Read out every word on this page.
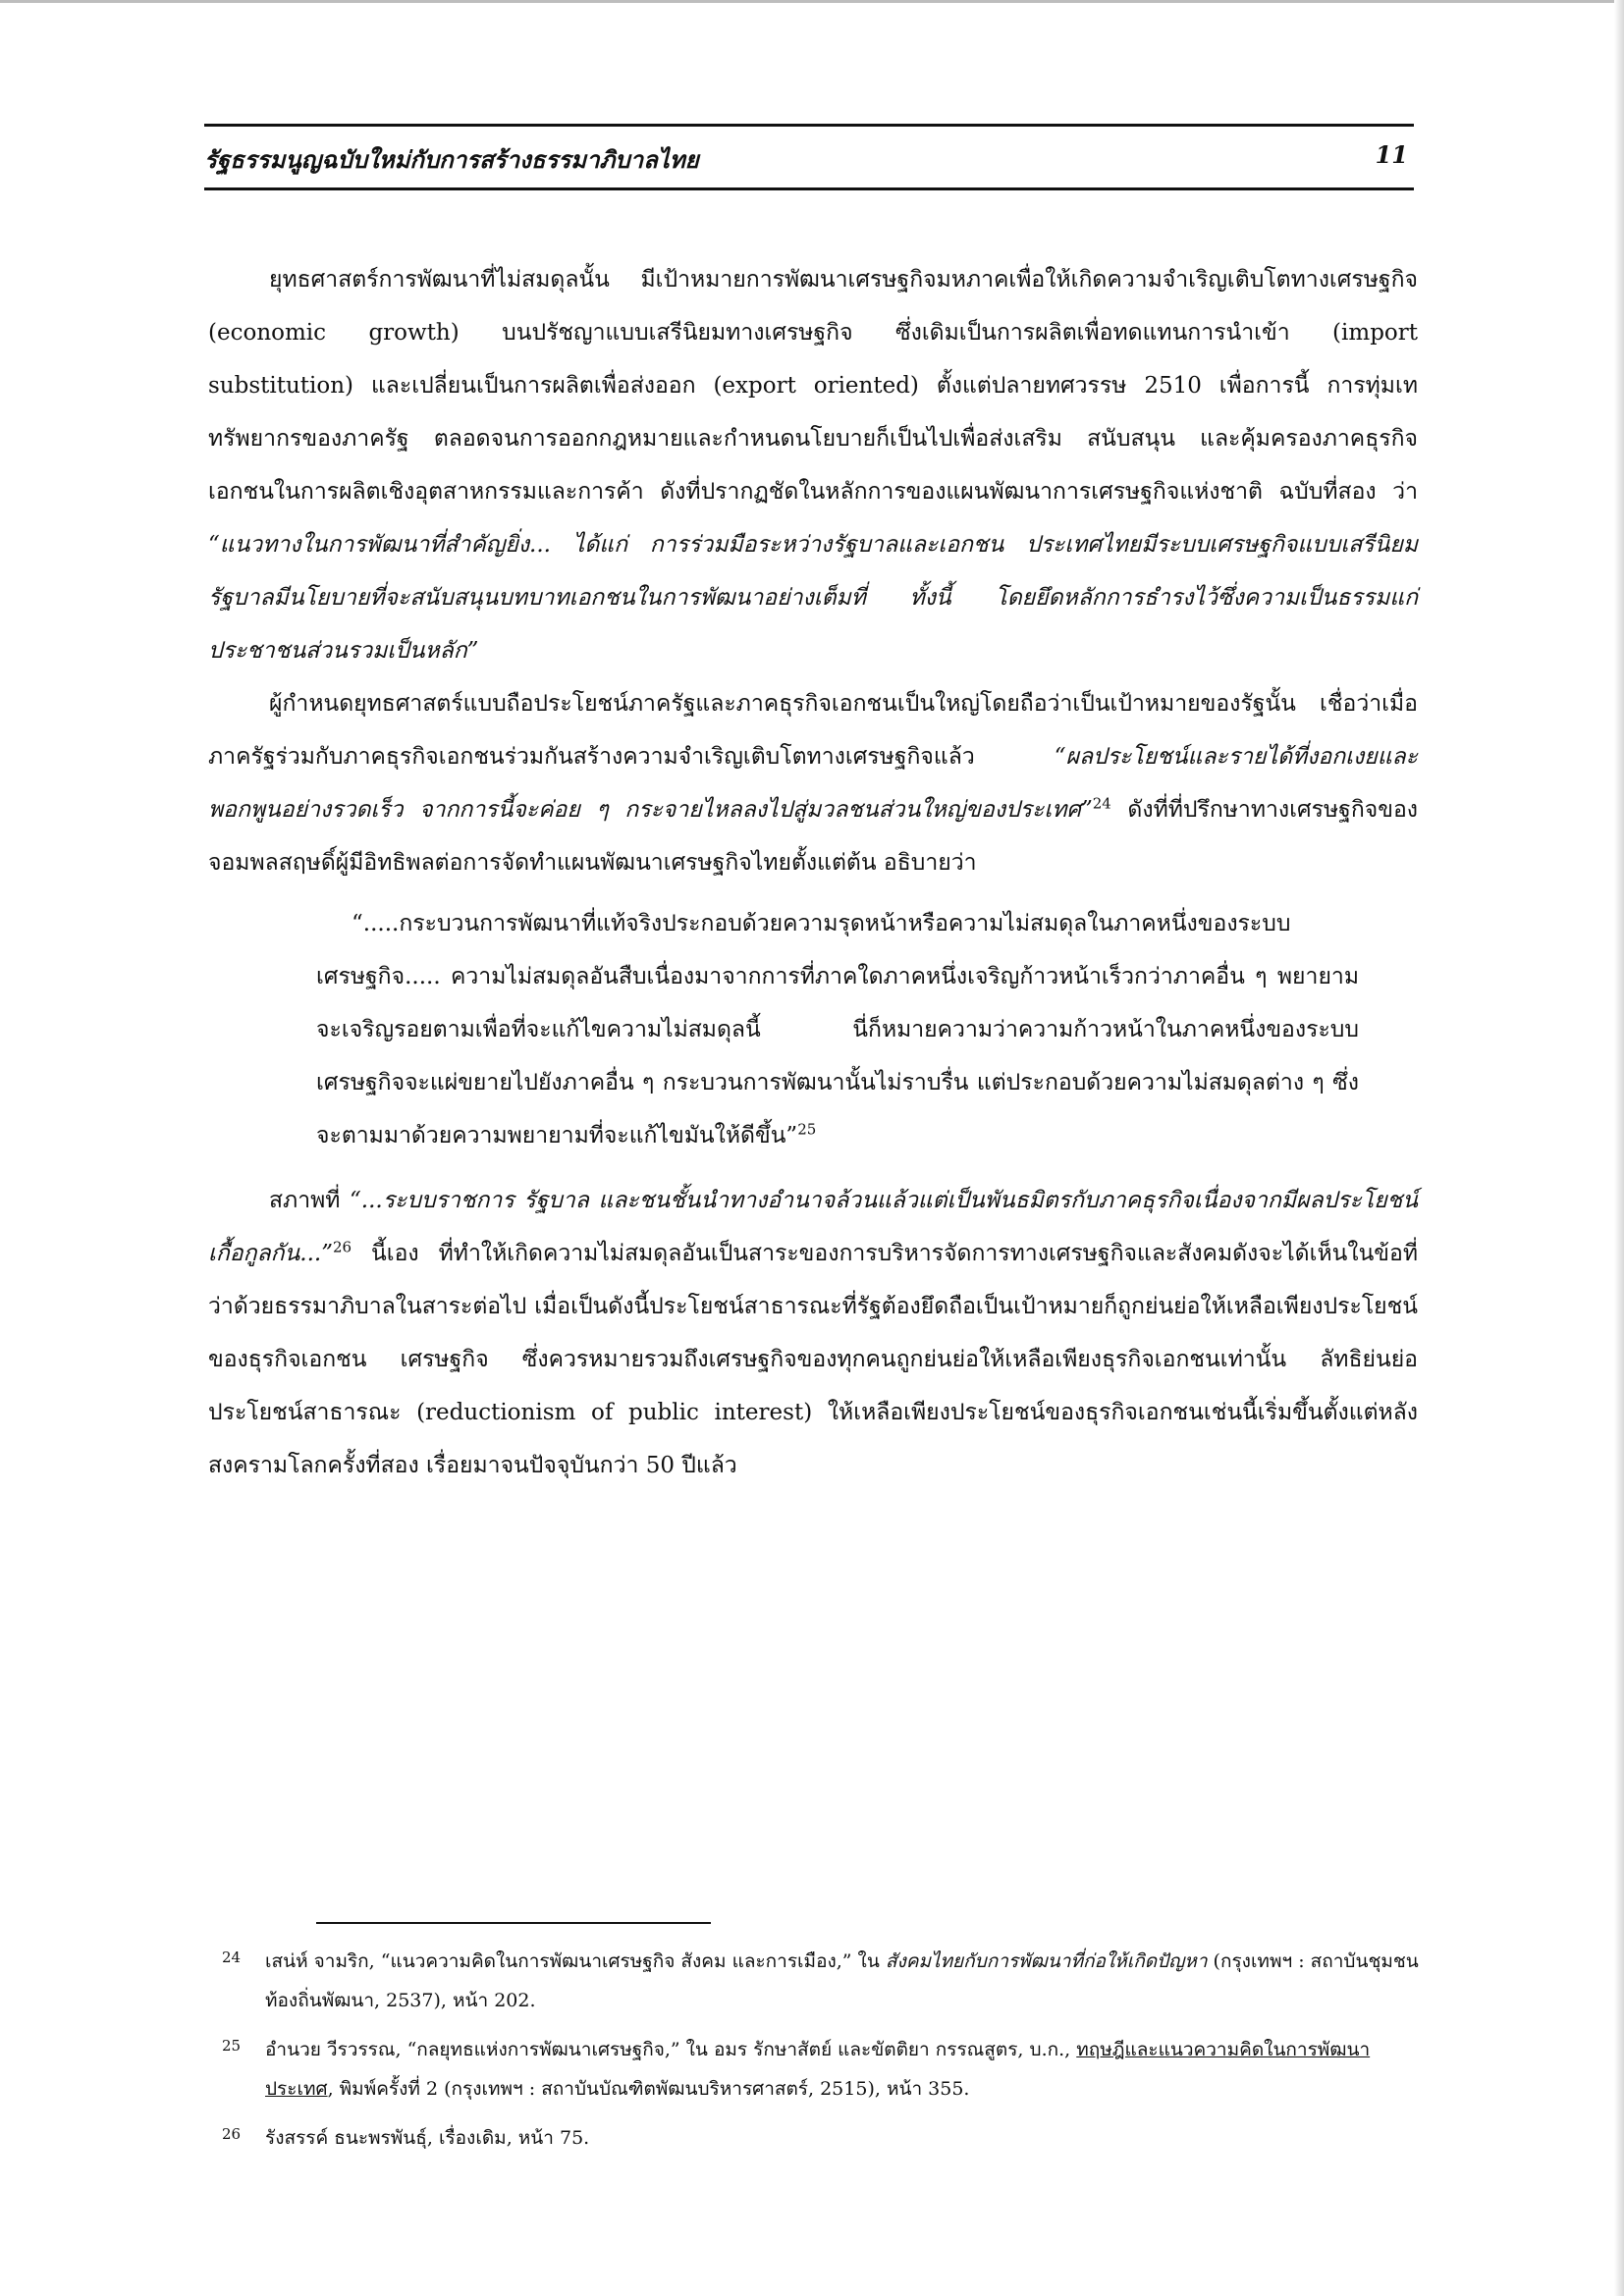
รัฐธรรมนูญฉบับใหม่กับการสร้างธรรมาภิบาลไทย	11

ยุทธศาสตร์การพัฒนาที่ไม่สมดุลนั้น มีเป้าหมายการพัฒนาเศรษฐกิจมหภาคเพื่อให้เกิดความจำเริญเติบโตทางเศรษฐกิจ (economic growth) บนปรัชญาแบบเสรีนิยมทางเศรษฐกิจ ซึ่งเดิมเป็นการผลิตเพื่อทดแทนการนำเข้า (import substitution) และเปลี่ยนเป็นการผลิตเพื่อส่งออก (export oriented) ตั้งแต่ปลายทศวรรษ 2510 เพื่อการนี้ การทุ่มเททรัพยากรของภาครัฐ ตลอดจนการออกกฎหมายและกำหนดนโยบายก็เป็นไปเพื่อส่งเสริม สนับสนุน และคุ้มครองภาคธุรกิจเอกชนในการผลิตเชิงอุตสาหกรรมและการค้า ดังที่ปรากฏชัดในหลักการของแผนพัฒนาการเศรษฐกิจแห่งชาติ ฉบับที่สอง ว่า “แนวทางในการพัฒนาที่สำคัญยิ่ง... ได้แก่ การร่วมมือระหว่างรัฐบาลและเอกชน ประเทศไทยมีระบบเศรษฐกิจแบบเสรีนิยม รัฐบาลมีนโยบายที่จะสนับสนุนบทบาทเอกชนในการพัฒนาอย่างเต็มที่ ทั้งนี้ โดยยึดหลักการธำรงไว้ซึ่งความเป็นธรรมแก่ประชาชนส่วนรวมเป็นหลัก”

ผู้กำหนดยุทธศาสตร์แบบถือประโยชน์ภาครัฐและภาคธุรกิจเอกชนเป็นใหญ่โดยถือว่าเป็นเป้าหมายของรัฐนั้น เชื่อว่าเมื่อภาครัฐร่วมกับภาคธุรกิจเอกชนร่วมกันสร้างความจำเริญเติบโตทางเศรษฐกิจแล้ว	“ผลประโยชน์และรายได้ที่งอกเงยและพอกพูนอย่างรวดเร็ว จากการนี้จะค่อย ๆ กระจายไหลลงไปสู่มวลชนส่วนใหญ่ของประเทศ”$^{24}$ ดังที่ที่ปรึกษาทางเศรษฐกิจของจอมพลสฤษดิ์ผู้มีอิทธิพลต่อการจัดทำแผนพัฒนาเศรษฐกิจไทยตั้งแต่ต้น อธิบายว่า

“.....กระบวนการพัฒนาที่แท้จริงประกอบด้วยความรุดหน้าหรือความไม่สมดุลในภาคหนึ่งของระบบเศรษฐกิจ..... ความไม่สมดุลอันสืบเนื่องมาจากการที่ภาคใดภาคหนึ่งเจริญก้าวหน้าเร็วกว่าภาคอื่น ๆ พยายามจะเจริญรอยตามเพื่อที่จะแก้ไขความไม่สมดุลนี้ นี่ก็หมายความว่าความก้าวหน้าในภาคหนึ่งของระบบเศรษฐกิจจะแผ่ขยายไปยังภาคอื่น ๆ กระบวนการพัฒนานั้นไม่ราบรื่น แต่ประกอบด้วยความไม่สมดุลต่าง ๆ ซึ่งจะตามมาด้วยความพยายามที่จะแก้ไขมันให้ดีขึ้น”$^{25}$

สภาพที่ “...ระบบราชการ รัฐบาล และชนชั้นนำทางอำนาจล้วนแล้วแต่เป็นพันธมิตรกับภาคธุรกิจเนื่องจากมีผลประโยชน์เกื้อกูลกัน...”$^{26}$ นี้เอง ที่ทำให้เกิดความไม่สมดุลอันเป็นสาระของการบริหารจัดการทางเศรษฐกิจและสังคมดังจะได้เห็นในข้อที่ว่าด้วยธรรมาภิบาลในสาระต่อไป เมื่อเป็นดังนี้ประโยชน์สาธารณะที่รัฐต้องยึดถือเป็นเป้าหมายก็ถูกย่นย่อให้เหลือเพียงประโยชน์ของธุรกิจเอกชน เศรษฐกิจ ซึ่งควรหมายรวมถึงเศรษฐกิจของทุกคนถูกย่นย่อให้เหลือเพียงธุรกิจเอกชนเท่านั้น ลัทธิย่นย่อประโยชน์สาธารณะ (reductionism of public interest) ให้เหลือเพียงประโยชน์ของธุรกิจเอกชนเช่นนี้เริ่มขึ้นตั้งแต่หลังสงครามโลกครั้งที่สอง เรื่อยมาจนปัจจุบันกว่า 50 ปีแล้ว

24 เสน่ห์ จามริก, “แนวความคิดในการพัฒนาเศรษฐกิจ สังคม และการเมือง,” ใน สังคมไทยกับการพัฒนาที่ก่อให้เกิดปัญหา (กรุงเทพฯ : สถาบันชุมชนท้องถิ่นพัฒนา, 2537), หน้า 202.

25 อำนวย วีรวรรณ, “กลยุทธแห่งการพัฒนาเศรษฐกิจ,” ใน อมร รักษาสัตย์ และขัตติยา กรรณสูตร, บ.ก., ทฤษฎีและแนวความคิดในการพัฒนาประเทศ, พิมพ์ครั้งที่ 2 (กรุงเทพฯ : สถาบันบัณฑิตพัฒนบริหารศาสตร์, 2515), หน้า 355.

26 รังสรรค์ ธนะพรพันธุ์, เรื่องเดิม, หน้า 75.
